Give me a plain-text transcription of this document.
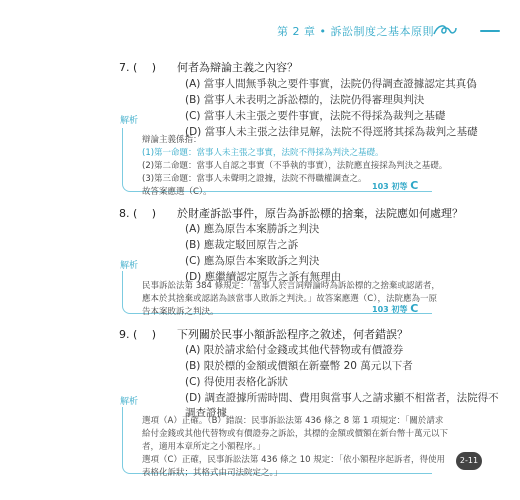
第 2 章 • 訴訟制度之基本原則
7. (　 ) 何者為辯論主義之內容？
(A) 當事人間無爭執之要件事實，法院仍得調查證據認定其真偽
(B) 當事人未表明之訴訟標的，法院仍得審理與判決
(C) 當事人未主張之要件事實，法院不得採為裁判之基礎
(D) 當事人未主張之法律見解，法院不得逕將其採為裁判之基礎
解析
辯論主義係指：
(1)第一命題：當事人未主張之事實，法院不得採為判決之基礎。
(2)第二命題：當事人自認之事實（不爭執的事實），法院應直接採為判決之基礎。
(3)第三命題：當事人未聲明之證據，法院不得職權調查之。
故答案應選（C）。
103 初等 C
8. (　 ) 於財產訴訟事件，原告為訴訟標的捨棄，法院應如何處理？
(A) 應為原告本案勝訴之判決
(B) 應裁定駁回原告之訴
(C) 應為原告本案敗訴之判決
(D) 應繼續認定原告之訴有無理由
解析
民事訴訟法第 384 條規定：「當事人於言詞辯論時為訴訟標的之捨棄或認諾者，
應本於其捨棄或認諾為該當事人敗訴之判決。」故答案應選（C），法院應為一原
告本案敗訴之判決。	103 初等 C
9. (　 ) 下列關於民事小額訴訟程序之敘述，何者錯誤？
(A) 限於請求給付金錢或其他代替物或有價證券
(B) 限於標的金額或價額在新臺幣 20 萬元以下者
(C) 得使用表格化訴狀
(D) 調查證據所需時間、費用與當事人之請求顯不相當者，法院得不
調查證據
解析
選項（A）正確。（B）錯誤：民事訴訟法第 436 條之 8 第 1 項規定：「關於請求
給付金錢或其他代替物或有價證券之訴訟，其標的金額或價額在新台幣十萬元以下
者，適用本章所定之小額程序。」
選項（C）正確，民事訴訟法第 436 條之 10 規定：「依小額程序起訴者，得使用
表格化訴狀；其格式由司法院定之。」
2-11
